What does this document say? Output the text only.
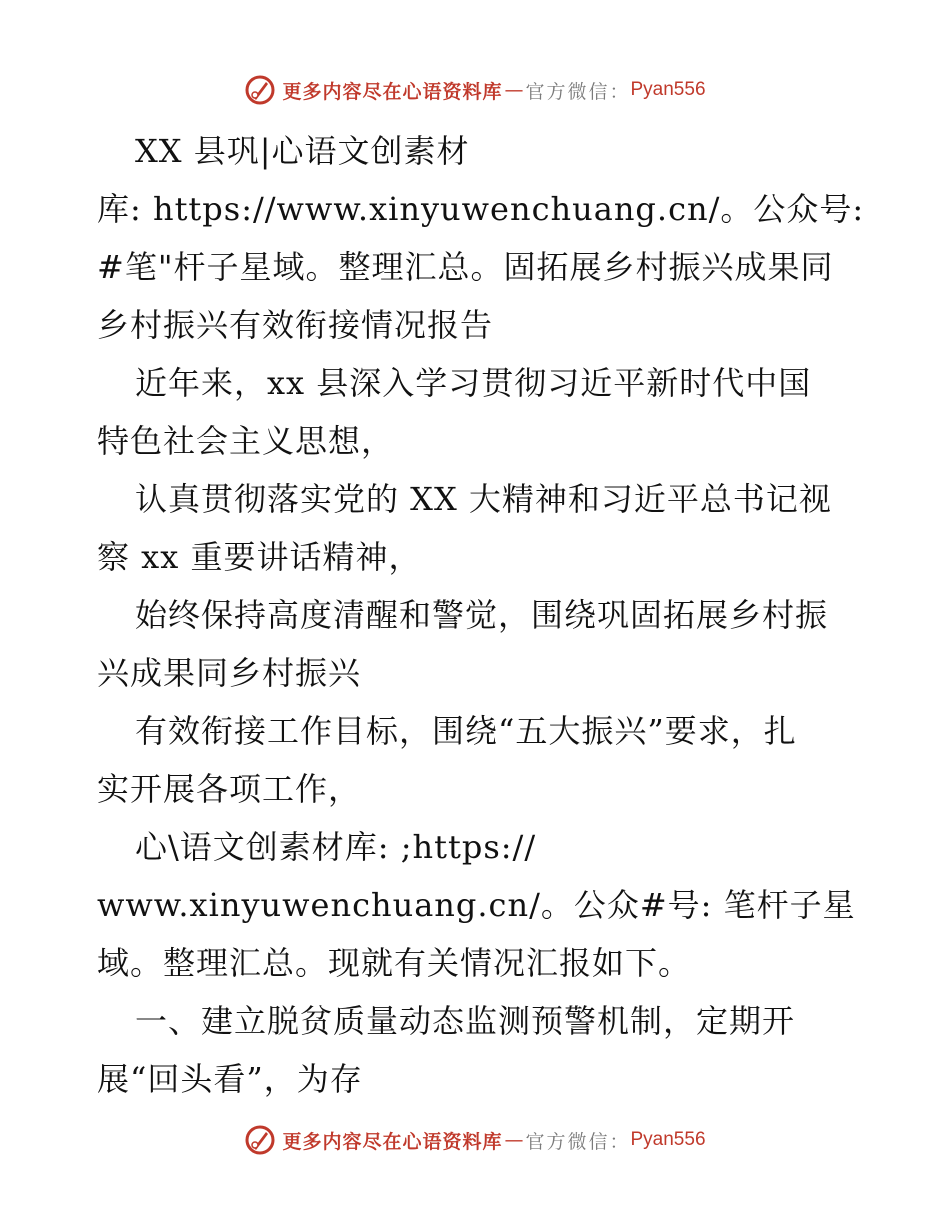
更多内容尽在心语资料库 — 官方微信： Pyan556
XX 县巩|心语文创素材
库: https://www.xinyuwenchuang.cn/。公众号:
#笔"杆子星域。整理汇总。固拓展乡村振兴成果同
乡村振兴有效衔接情况报告
近年来，xx 县深入学习贯彻习近平新时代中国
特色社会主义思想，
认真贯彻落实党的 XX 大精神和习近平总书记视
察 xx 重要讲话精神，
始终保持高度清醒和警觉，围绕巩固拓展乡村振
兴成果同乡村振兴
有效衔接工作目标，围绕“五大振兴”要求，扎
实开展各项工作，
心\语文创素材库: ;https://
www.xinyuwenchuang.cn/。公众#号: 笔杆子星
域。整理汇总。现就有关情况汇报如下。
一、建立脱贫质量动态监测预警机制，定期开
展“回头看”，为存
更多内容尽在心语资料库 — 官方微信： Pyan556
